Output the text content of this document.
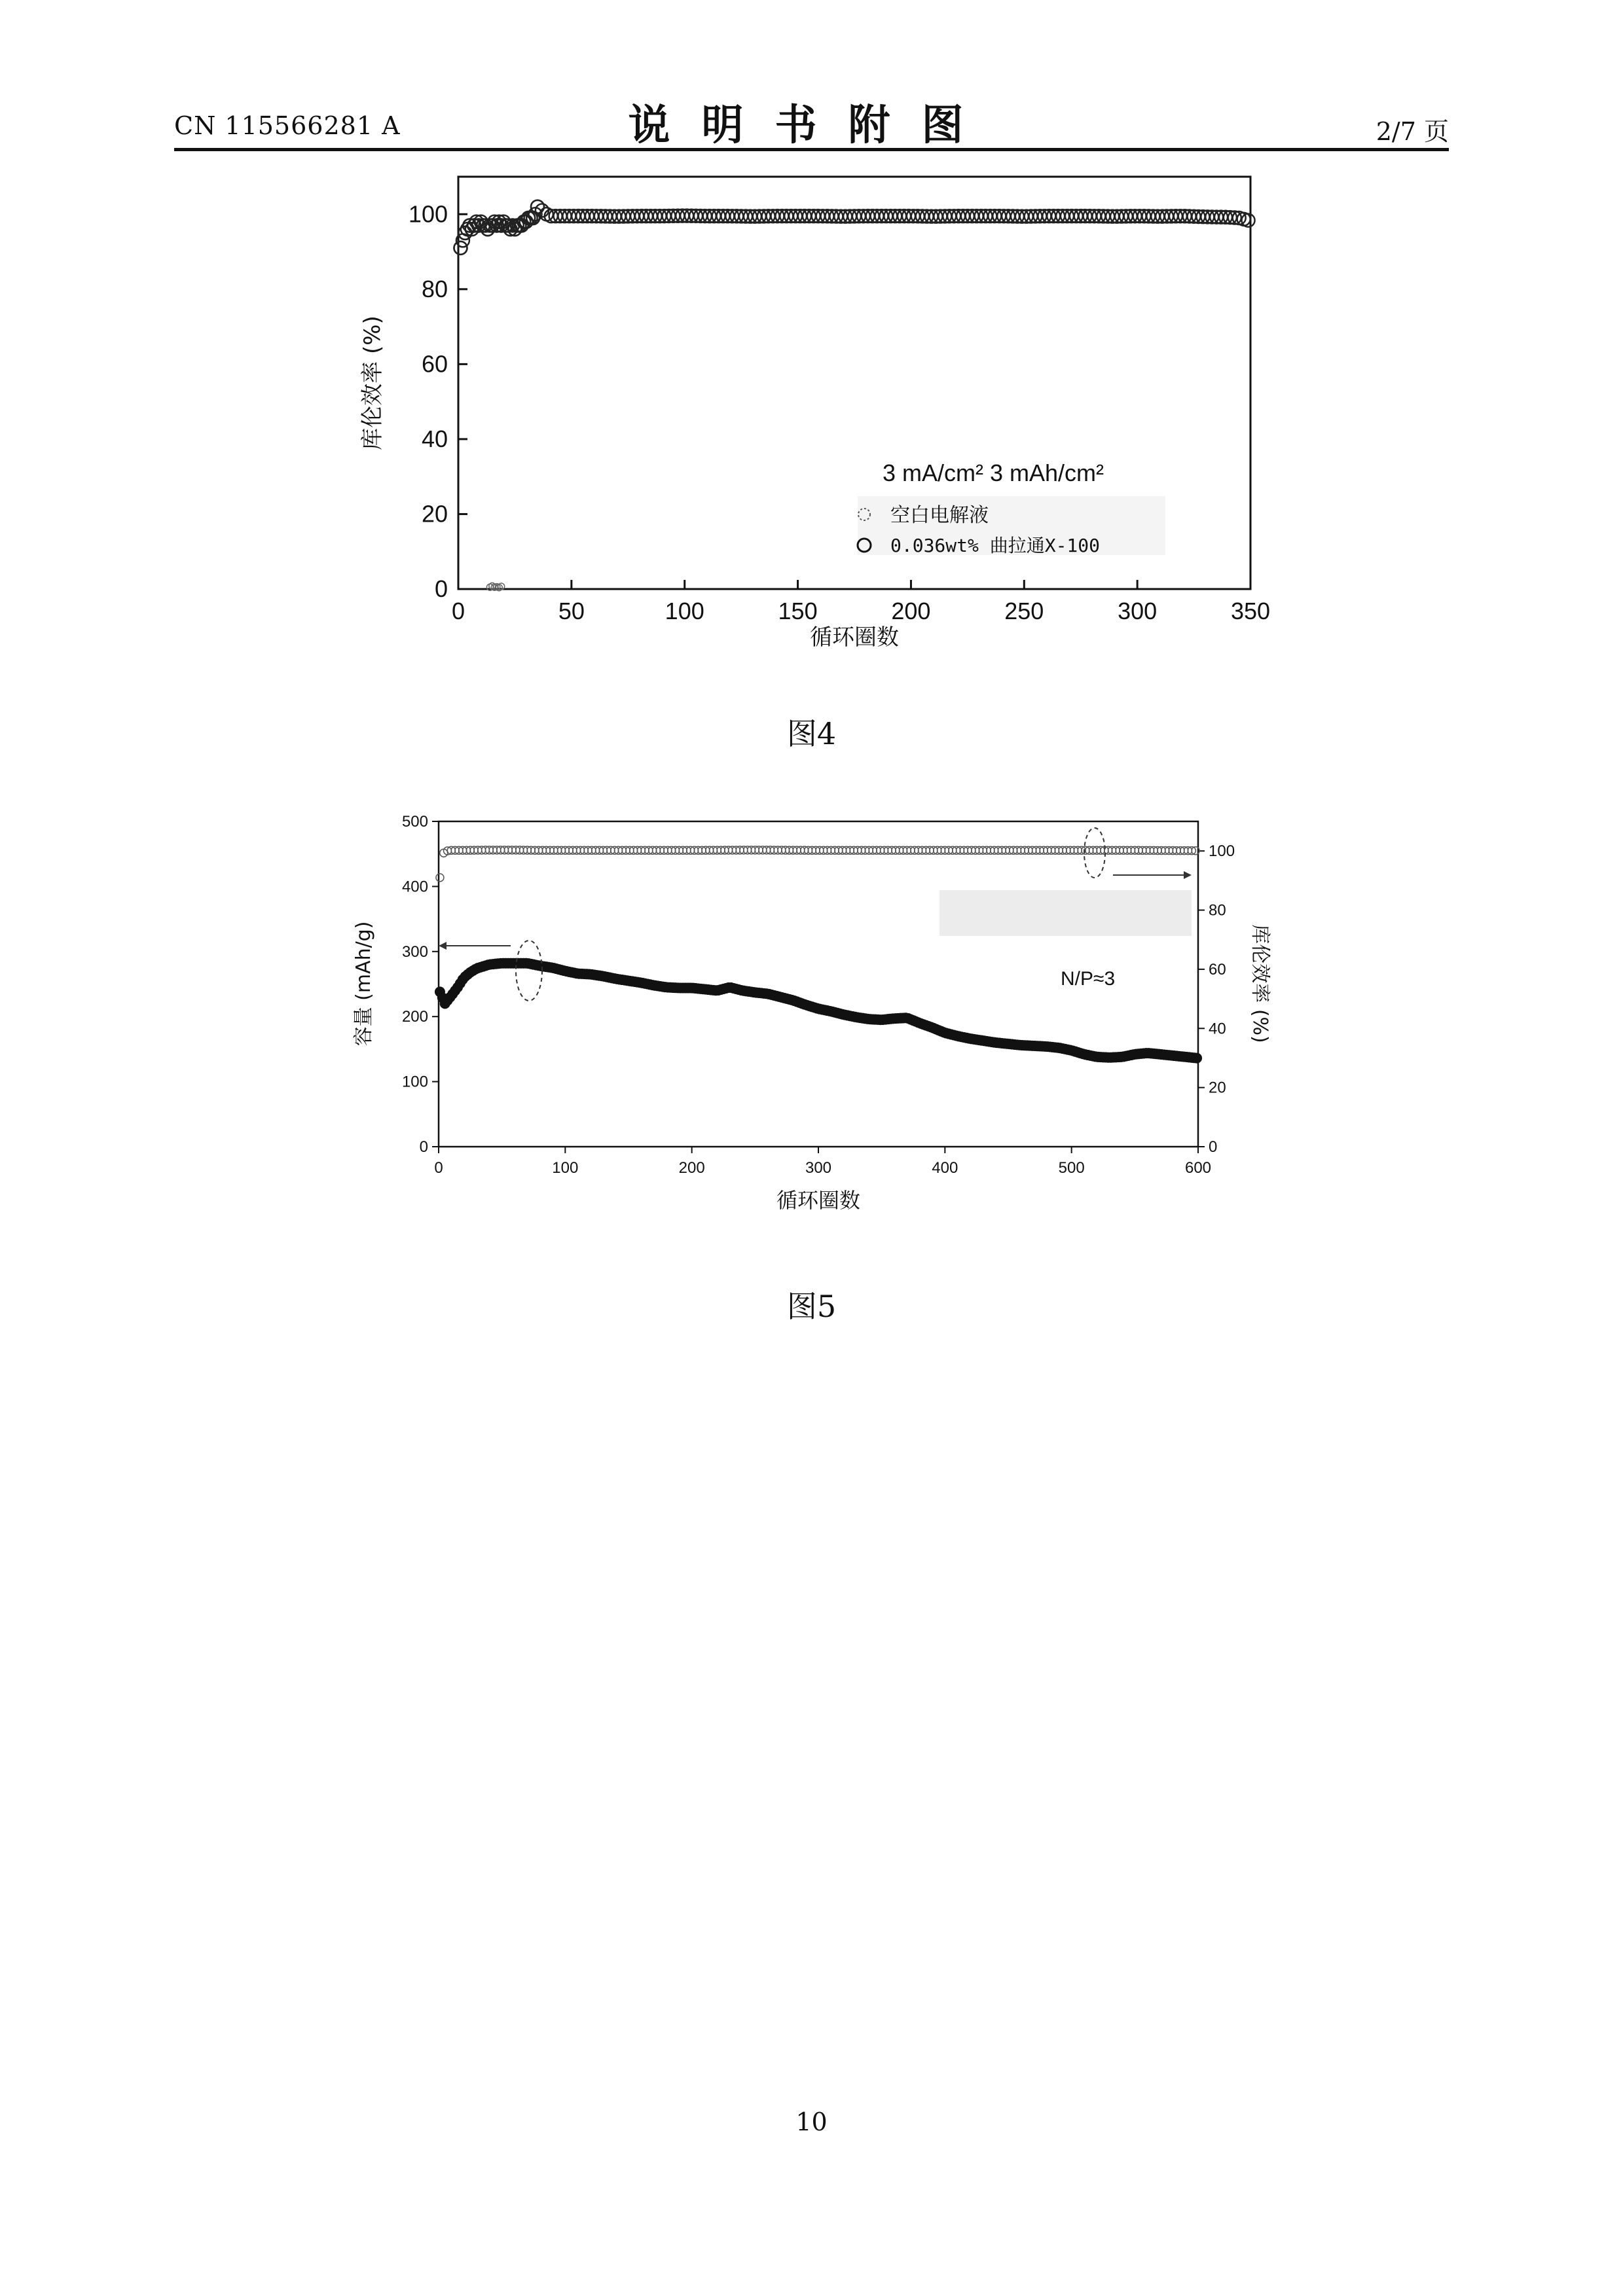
CN 115566281 A	说明书附图	2/7 页
0	50	100	150	200	250	300	350
0
20
40
60
80
100
库伦效率 (%)
循环圈数
3 mA/cm² 3 mAh/cm²
空白电解液
0.036wt% 曲拉通X-100
图4
0	100	200	300	400	500	600
0
100
200
300
400
500
0
20
40
60
80
100
N/P≈3
容量 (mAh/g)	库伦效率 (%)
循环圈数
图5
10
